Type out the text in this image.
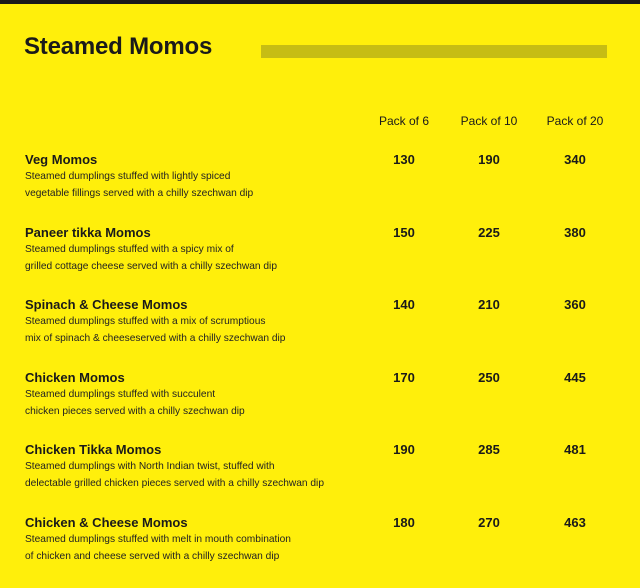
Steamed Momos
Pack of 6	Pack of 10	Pack of 20
Veg Momos
Steamed dumplings stuffed with lightly spiced
vegetable fillings served with a chilly szechwan dip
130	190	340
Paneer tikka Momos
Steamed dumplings stuffed with a spicy mix of
grilled cottage cheese served with a chilly szechwan dip
150	225	380
Spinach & Cheese Momos
Steamed dumplings stuffed with a mix of scrumptious
mix of spinach & cheeseserved with a chilly szechwan dip
140	210	360
Chicken Momos
Steamed dumplings stuffed with succulent
chicken pieces served with a chilly szechwan dip
170	250	445
Chicken Tikka Momos
Steamed dumplings with North Indian twist, stuffed with
delectable grilled chicken pieces served with a chilly szechwan dip
190	285	481
Chicken & Cheese Momos
Steamed dumplings stuffed with melt in mouth combination
of chicken and cheese served with a chilly szechwan dip
180	270	463
